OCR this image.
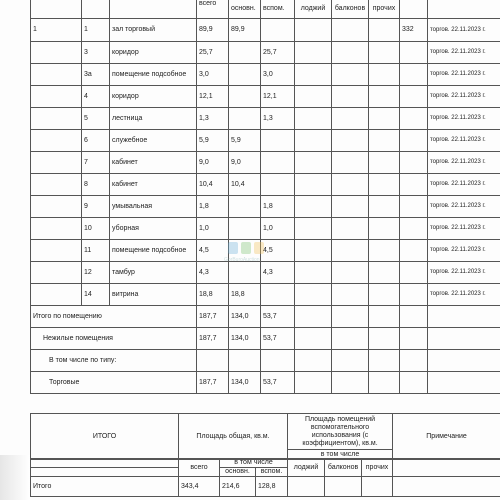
			всего	основн.	вспом.	лоджий	балконов	прочих		
1	1	зал торговый	89,9	89,9					332	торгов. 22.11.2023 г.
	3	коридор	25,7		25,7					торгов. 22.11.2023 г.
	3а	помещение подсобное	3,0		3,0					торгов. 22.11.2023 г.
	4	коридор	12,1		12,1					торгов. 22.11.2023 г.
	5	лестница	1,3		1,3					торгов. 22.11.2023 г.
	6	служебное	5,9	5,9						торгов. 22.11.2023 г.
	7	кабинет	9,0	9,0						торгов. 22.11.2023 г.
	8	кабинет	10,4	10,4						торгов. 22.11.2023 г.
	9	умывальная	1,8		1,8					торгов. 22.11.2023 г.
	10	уборная	1,0		1,0					торгов. 22.11.2023 г.
	11	помещение подсобное	4,5		4,5					торгов. 22.11.2023 г.
	12	тамбур	4,3		4,3					торгов. 22.11.2023 г.
	14	витрина	18,8	18,8						торгов. 22.11.2023 г.
Итого по помещению			187,7	134,0	53,7					
Нежилые помещения			187,7	134,0	53,7					
В том числе по типу:										
Торговые			187,7	134,0	53,7					
GorBuroAuction
ИТОГО	Площадь общая, кв.м.	Площадь помещений вспомогательного использования (с коэффициентом), кв.м.	Примечание
в том числе
	всего	в том числе		лоджий	балконов	прочих	
		основн.	вспом.				
Итого	343,4	214,6	128,8				
